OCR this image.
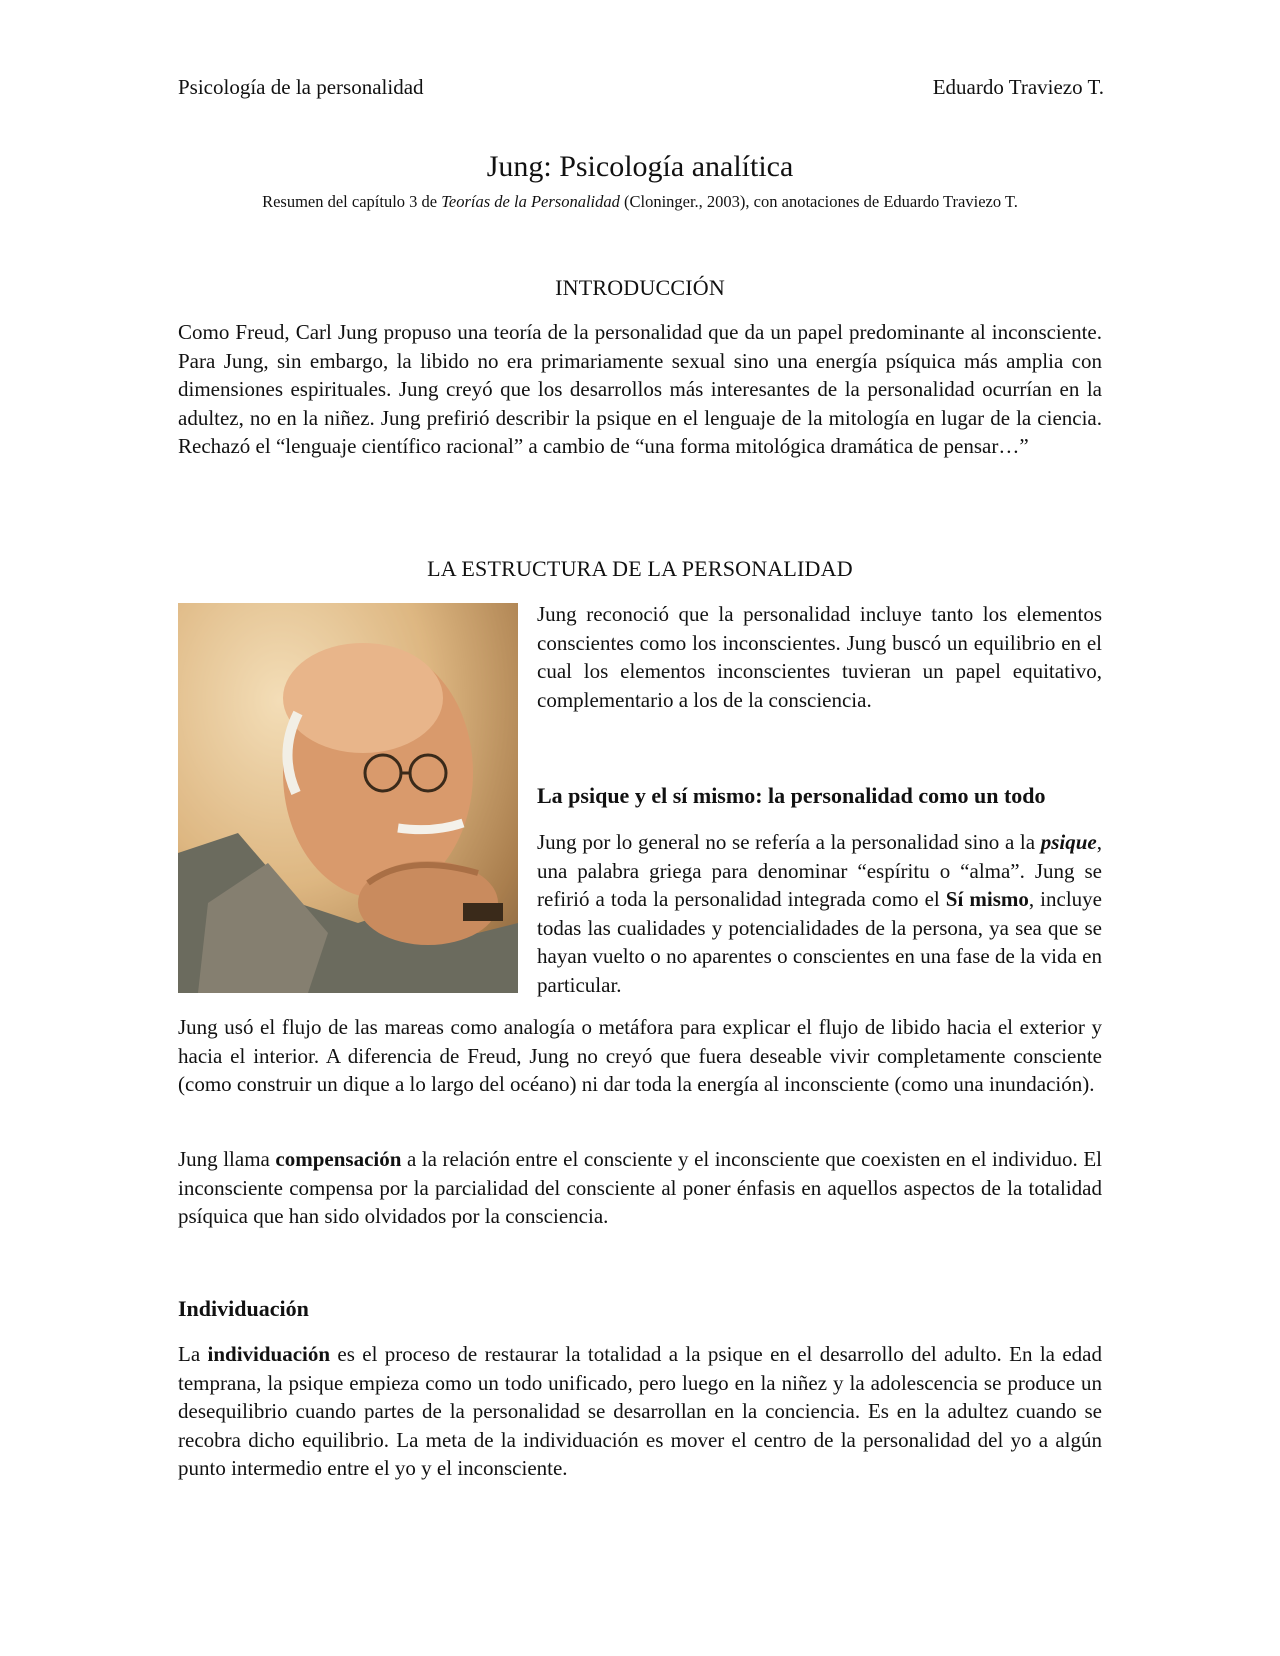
Psicología de la personalidad	Eduardo Traviezo T.
Jung: Psicología analítica
Resumen del capítulo 3 de Teorías de la Personalidad (Cloninger., 2003), con anotaciones de Eduardo Traviezo T.
INTRODUCCIÓN

Como Freud, Carl Jung propuso una teoría de la personalidad que da un papel predominante al inconsciente. Para Jung, sin embargo, la libido no era primariamente sexual sino una energía psíquica más amplia con dimensiones espirituales. Jung creyó que los desarrollos más interesantes de la personalidad ocurrían en la adultez, no en la niñez. Jung prefirió describir la psique en el lenguaje de la mitología en lugar de la ciencia. Rechazó el “lenguaje científico racional” a cambio de “una forma mitológica dramática de pensar…”

LA ESTRUCTURA DE LA PERSONALIDAD

Jung reconoció que la personalidad incluye tanto los elementos conscientes como los inconscientes. Jung buscó un equilibrio en el cual los elementos inconscientes tuvieran un papel equitativo, complementario a los de la consciencia.

La psique y el sí mismo: la personalidad como un todo

Jung por lo general no se refería a la personalidad sino a la psique, una palabra griega para denominar “espíritu o “alma”. Jung se refirió a toda la personalidad integrada como el Sí mismo, incluye todas las cualidades y potencialidades de la persona, ya sea que se hayan vuelto o no aparentes o conscientes en una fase de la vida en particular.

Jung usó el flujo de las mareas como analogía o metáfora para explicar el flujo de libido hacia el exterior y hacia el interior. A diferencia de Freud, Jung no creyó que fuera deseable vivir completamente consciente (como construir un dique a lo largo del océano) ni dar toda la energía al inconsciente (como una inundación).

Jung llama compensación a la relación entre el consciente y el inconsciente que coexisten en el individuo. El inconsciente compensa por la parcialidad del consciente al poner énfasis en aquellos aspectos de la totalidad psíquica que han sido olvidados por la consciencia.

Individuación

La individuación es el proceso de restaurar la totalidad a la psique en el desarrollo del adulto. En la edad temprana, la psique empieza como un todo unificado, pero luego en la niñez y la adolescencia se produce un desequilibrio cuando partes de la personalidad se desarrollan en la conciencia. Es en la adultez cuando se recobra dicho equilibrio. La meta de la individuación es mover el centro de la personalidad del yo a algún punto intermedio entre el yo y el inconsciente.
